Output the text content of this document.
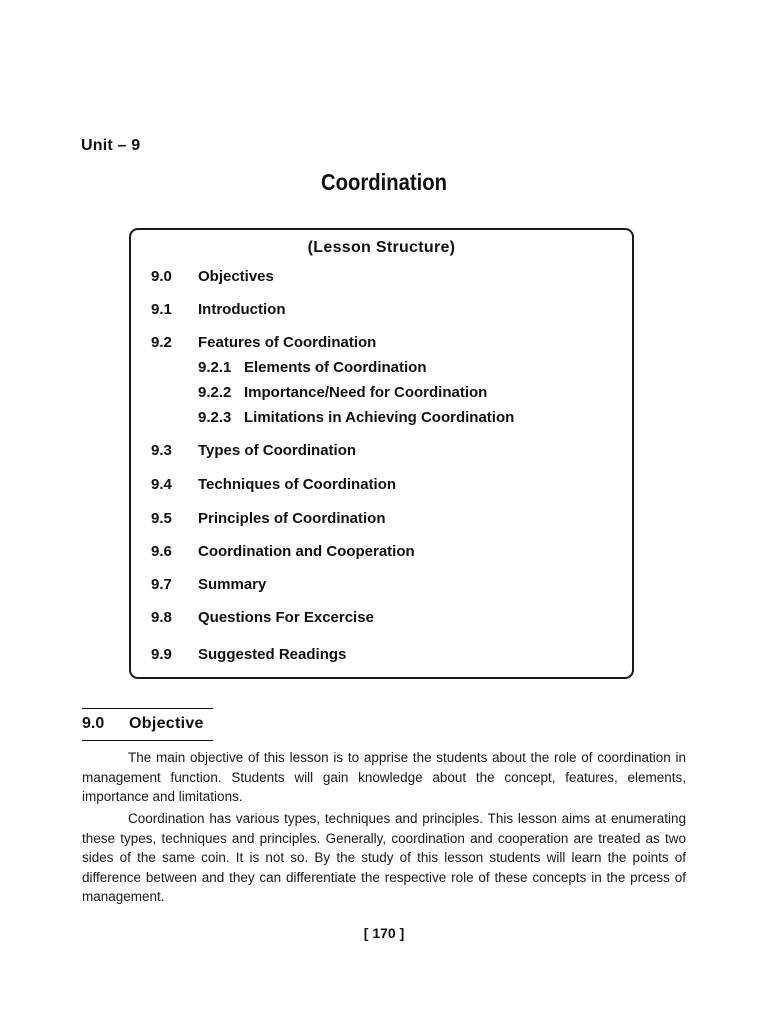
Unit – 9
Coordination
(Lesson Structure)
9.0 Objectives
9.1 Introduction
9.2 Features of Coordination
9.2.1 Elements of Coordination
9.2.2 Importance/Need for Coordination
9.2.3 Limitations in Achieving Coordination
9.3 Types of Coordination
9.4 Techniques of Coordination
9.5 Principles of Coordination
9.6 Coordination and Cooperation
9.7 Summary
9.8 Questions For Excercise
9.9 Suggested Readings
9.0 Objective

The main objective of this lesson is to apprise the students about the role of coordination in management function. Students will gain knowledge about the concept, features, elements, importance and limitations.

Coordination has various types, techniques and principles. This lesson aims at enumerating these types, techniques and principles. Generally, coordination and cooperation are treated as two sides of the same coin. It is not so. By the study of this lesson students will learn the points of difference between and they can differentiate the respective role of these concepts in the prcess of management.

[ 170 ]
